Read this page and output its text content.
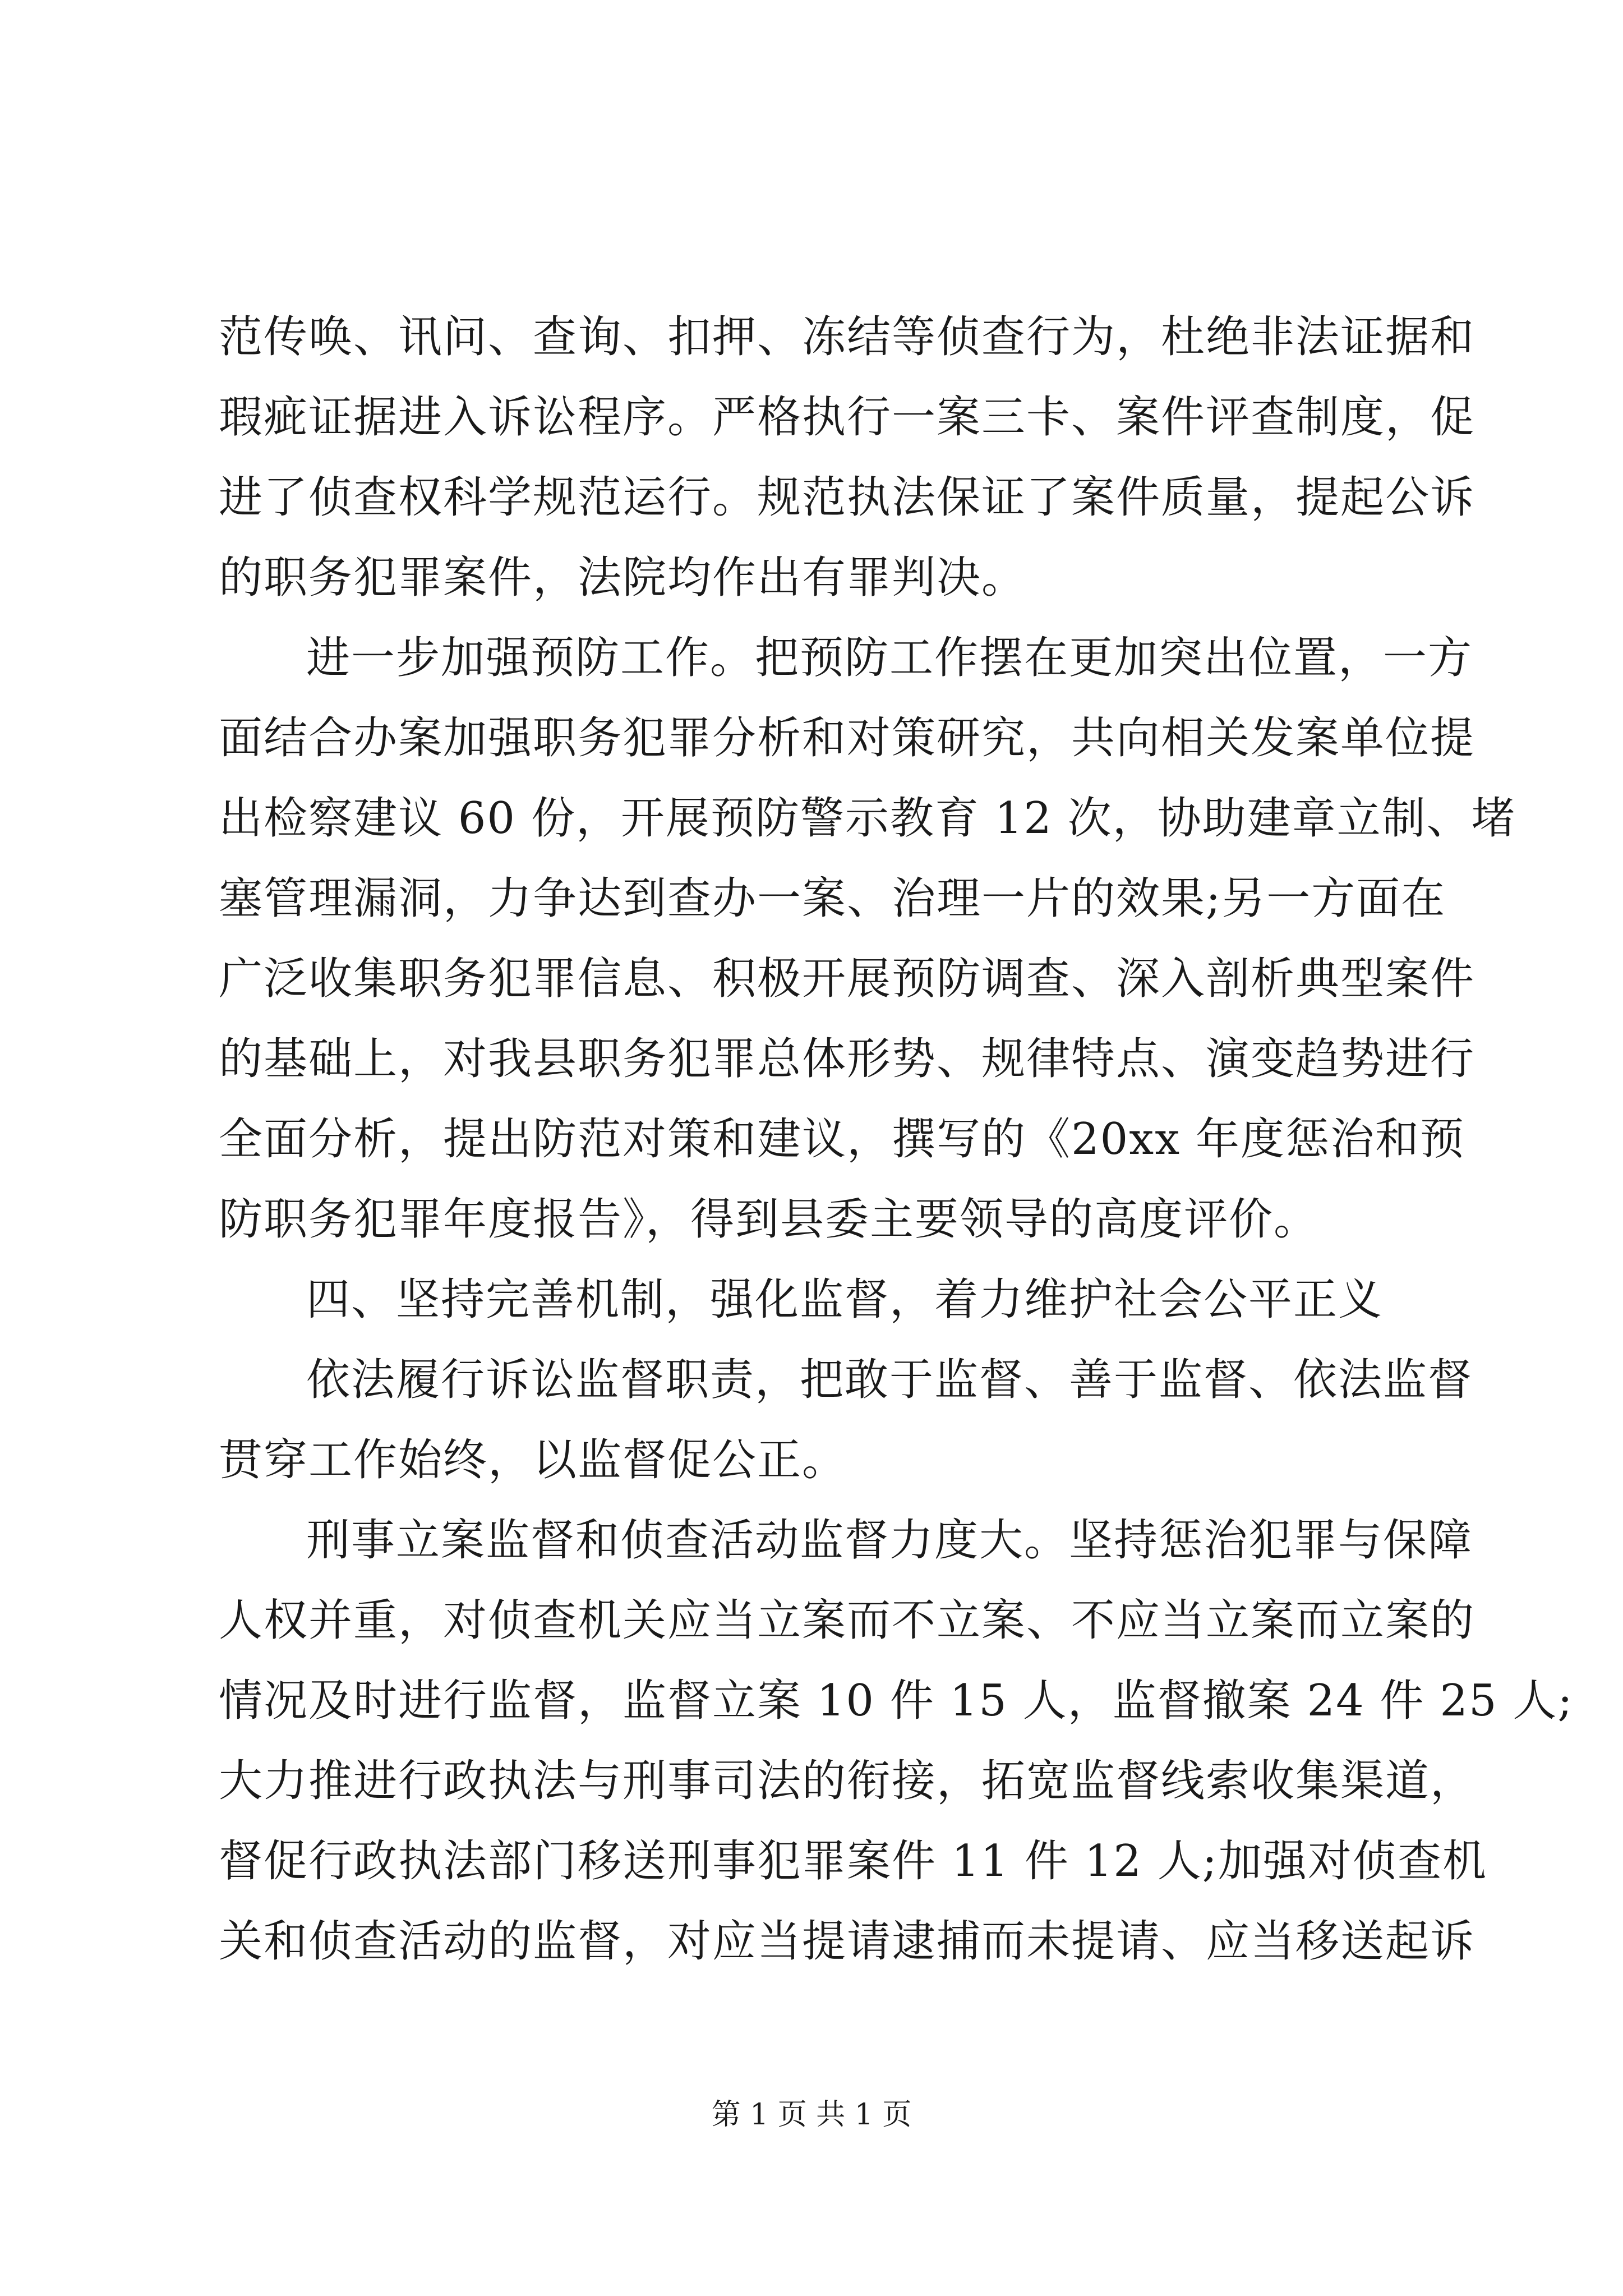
范传唤、讯问、查询、扣押、冻结等侦查行为，杜绝非法证据和
瑕疵证据进入诉讼程序。严格执行一案三卡、案件评查制度，促
进了侦查权科学规范运行。规范执法保证了案件质量，提起公诉
的职务犯罪案件，法院均作出有罪判决。
进一步加强预防工作。把预防工作摆在更加突出位置，一方
面结合办案加强职务犯罪分析和对策研究，共向相关发案单位提
出检察建议 60 份，开展预防警示教育 12 次，协助建章立制、堵
塞管理漏洞，力争达到查办一案、治理一片的效果;另一方面在
广泛收集职务犯罪信息、积极开展预防调查、深入剖析典型案件
的基础上，对我县职务犯罪总体形势、规律特点、演变趋势进行
全面分析，提出防范对策和建议，撰写的《20xx 年度惩治和预
防职务犯罪年度报告》，得到县委主要领导的高度评价。
四、坚持完善机制，强化监督，着力维护社会公平正义
依法履行诉讼监督职责，把敢于监督、善于监督、依法监督
贯穿工作始终，以监督促公正。
刑事立案监督和侦查活动监督力度大。坚持惩治犯罪与保障
人权并重，对侦查机关应当立案而不立案、不应当立案而立案的
情况及时进行监督，监督立案 10 件 15 人，监督撤案 24 件 25 人;
大力推进行政执法与刑事司法的衔接，拓宽监督线索收集渠道，
督促行政执法部门移送刑事犯罪案件 11 件 12 人;加强对侦查机
关和侦查活动的监督，对应当提请逮捕而未提请、应当移送起诉
第 1 页 共 1 页
